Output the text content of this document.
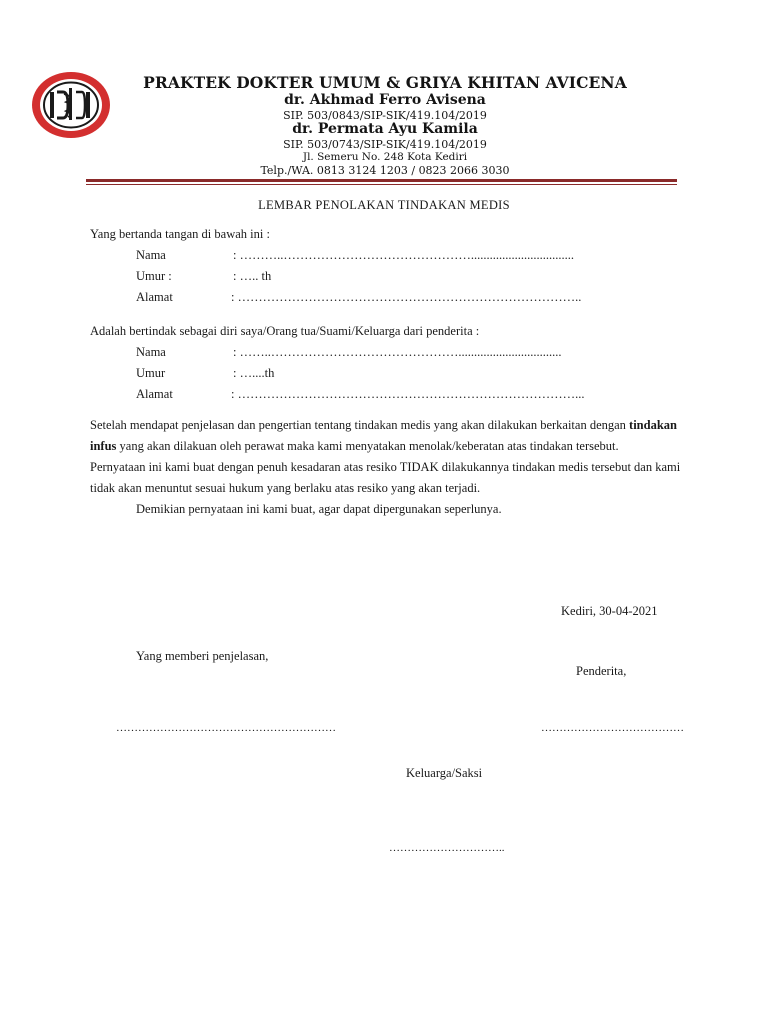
PRAKTEK DOKTER UMUM & GRIYA KHITAN AVICENA
dr. Akhmad Ferro Avisena
SIP. 503/0843/SIP-SIK/419.104/2019
dr. Permata Ayu Kamila
SIP. 503/0743/SIP-SIK/419.104/2019
Jl. Semeru No. 248 Kota Kediri
Telp./WA. 0813 3124 1203 / 0823 2066 3030
LEMBAR PENOLAKAN TINDAKAN MEDIS
Yang bertanda tangan di bawah ini :
Nama	: ………..……………………………………….................................
Umur :	: ….. th
Alamat	: ………………………………………………………………………..
Adalah bertindak sebagai diri saya/Orang tua/Suami/Keluarga dari penderita :
Nama	: ……..……………………………………….................................
Umur	: …....th
Alamat	: ………………………………………………………………………...

Setelah mendapat penjelasan dan pengertian tentang tindakan medis yang akan dilakukan berkaitan dengan tindakan infus yang akan dilakuan oleh perawat maka kami menyatakan menolak/keberatan atas tindakan tersebut.

Pernyataan ini kami buat dengan penuh kesadaran atas resiko TIDAK dilakukannya tindakan medis tersebut dan kami tidak akan menuntut sesuai hukum yang berlaku atas resiko yang akan terjadi.

Demikian pernyataan ini kami buat, agar dapat dipergunakan seperlunya.

Kediri, 30-04-2021
Yang memberi penjelasan,
Penderita,
……………………………………………………	…………………………………
Keluarga/Saksi
…………………………..
